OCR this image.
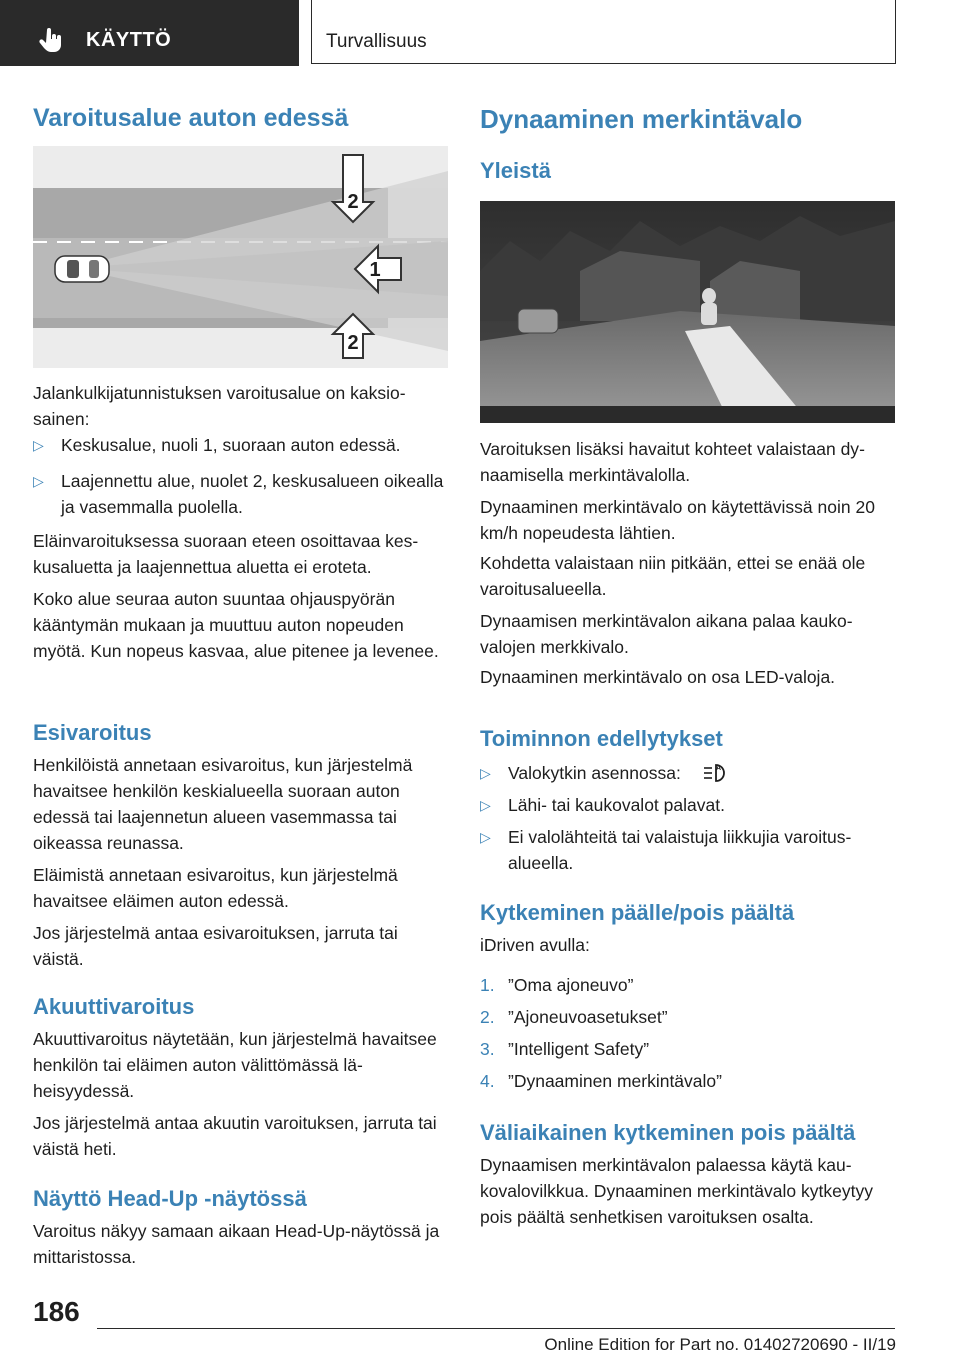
KÄYTTÖ	Turvallisuus
Varoitusalue auton edessä
2
1
2

Jalankulkijatunnistuksen varoitusalue on kaksiosainen:

▷ Keskusalue, nuoli 1, suoraan auton edessä.
▷ Laajennettu alue, nuolet 2, keskusalueen oikealla ja vasemmalla puolella.

Eläinvaroituksessa suoraan eteen osoittavaa keskusaluetta ja laajennettua aluetta ei eroteta.

Koko alue seuraa auton suuntaa ohjauspyörän kääntymän mukaan ja muuttuu auton nopeuden myötä. Kun nopeus kasvaa, alue pitenee ja levenee.

Esivaroitus

Henkilöistä annetaan esivaroitus, kun järjestelmä havaitsee henkilön keskialueella suoraan auton edessä tai laajennetun alueen vasemmassa tai oikeassa reunassa.

Eläimistä annetaan esivaroitus, kun järjestelmä havaitsee eläimen auton edessä.

Jos järjestelmä antaa esivaroituksen, jarruta tai väistä.

Akuuttivaroitus

Akuuttivaroitus näytetään, kun järjestelmä havaitsee henkilön tai eläimen auton välittömässä läheisyydessä.

Jos järjestelmä antaa akuutin varoituksen, jarruta tai väistä heti.

Näyttö Head-Up -näytössä

Varoitus näkyy samaan aikaan Head-Up-näytössä ja mittaristossa.

Dynaaminen merkintävalo
Yleistä

Varoituksen lisäksi havaitut kohteet valaistaan dynaamisella merkintävalolla.

Dynaaminen merkintävalo on käytettävissä noin 20 km/h nopeudesta lähtien.

Kohdetta valaistaan niin pitkään, ettei se enää ole varoitusalueella.

Dynaamisen merkintävalon aikana palaa kaukovalojen merkkivalo.

Dynaaminen merkintävalo on osa LED-valoja.

Toiminnon edellytykset
▷ Valokytkin asennossa:	A
▷ Lähi- tai kaukovalot palavat.
▷ Ei valolähteitä tai valaistuja liikkujia varoitusalueella.
Kytkeminen päälle/pois päältä

iDriven avulla:

1. ”Oma ajoneuvo”
2. ”Ajoneuvoasetukset”
3. ”Intelligent Safety”
4. ”Dynaaminen merkintävalo”
Väliaikainen kytkeminen pois päältä

Dynaamisen merkintävalon palaessa käytä kaukovalovilkkua. Dynaaminen merkintävalo kytkeytyy pois päältä senhetkisen varoituksen osalta.

186
Online Edition for Part no. 01402720690 - II/19
